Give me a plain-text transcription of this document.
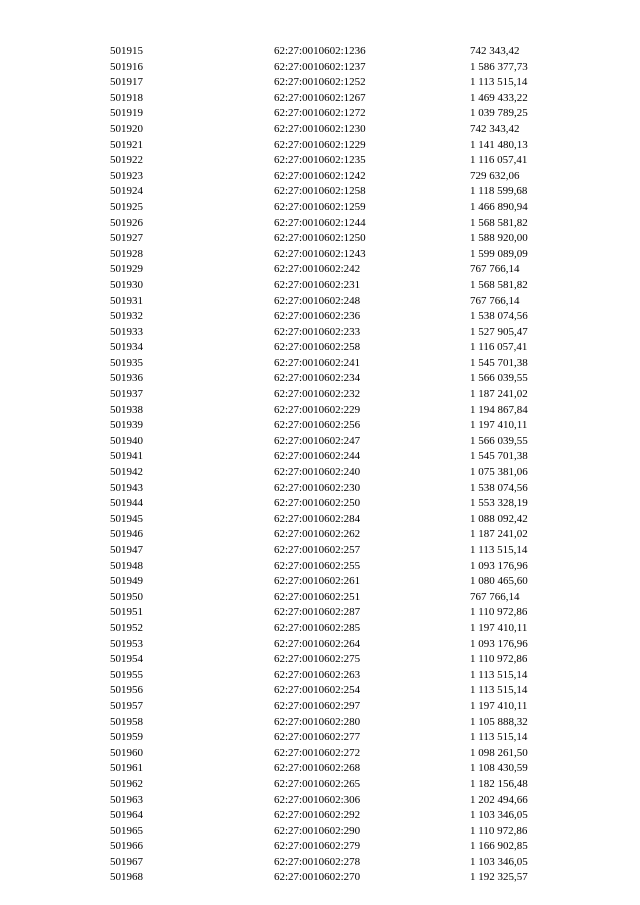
501915	62:27:0010602:1236	742 343,42
501916	62:27:0010602:1237	1 586 377,73
501917	62:27:0010602:1252	1 113 515,14
501918	62:27:0010602:1267	1 469 433,22
501919	62:27:0010602:1272	1 039 789,25
501920	62:27:0010602:1230	742 343,42
501921	62:27:0010602:1229	1 141 480,13
501922	62:27:0010602:1235	1 116 057,41
501923	62:27:0010602:1242	729 632,06
501924	62:27:0010602:1258	1 118 599,68
501925	62:27:0010602:1259	1 466 890,94
501926	62:27:0010602:1244	1 568 581,82
501927	62:27:0010602:1250	1 588 920,00
501928	62:27:0010602:1243	1 599 089,09
501929	62:27:0010602:242	767 766,14
501930	62:27:0010602:231	1 568 581,82
501931	62:27:0010602:248	767 766,14
501932	62:27:0010602:236	1 538 074,56
501933	62:27:0010602:233	1 527 905,47
501934	62:27:0010602:258	1 116 057,41
501935	62:27:0010602:241	1 545 701,38
501936	62:27:0010602:234	1 566 039,55
501937	62:27:0010602:232	1 187 241,02
501938	62:27:0010602:229	1 194 867,84
501939	62:27:0010602:256	1 197 410,11
501940	62:27:0010602:247	1 566 039,55
501941	62:27:0010602:244	1 545 701,38
501942	62:27:0010602:240	1 075 381,06
501943	62:27:0010602:230	1 538 074,56
501944	62:27:0010602:250	1 553 328,19
501945	62:27:0010602:284	1 088 092,42
501946	62:27:0010602:262	1 187 241,02
501947	62:27:0010602:257	1 113 515,14
501948	62:27:0010602:255	1 093 176,96
501949	62:27:0010602:261	1 080 465,60
501950	62:27:0010602:251	767 766,14
501951	62:27:0010602:287	1 110 972,86
501952	62:27:0010602:285	1 197 410,11
501953	62:27:0010602:264	1 093 176,96
501954	62:27:0010602:275	1 110 972,86
501955	62:27:0010602:263	1 113 515,14
501956	62:27:0010602:254	1 113 515,14
501957	62:27:0010602:297	1 197 410,11
501958	62:27:0010602:280	1 105 888,32
501959	62:27:0010602:277	1 113 515,14
501960	62:27:0010602:272	1 098 261,50
501961	62:27:0010602:268	1 108 430,59
501962	62:27:0010602:265	1 182 156,48
501963	62:27:0010602:306	1 202 494,66
501964	62:27:0010602:292	1 103 346,05
501965	62:27:0010602:290	1 110 972,86
501966	62:27:0010602:279	1 166 902,85
501967	62:27:0010602:278	1 103 346,05
501968	62:27:0010602:270	1 192 325,57
